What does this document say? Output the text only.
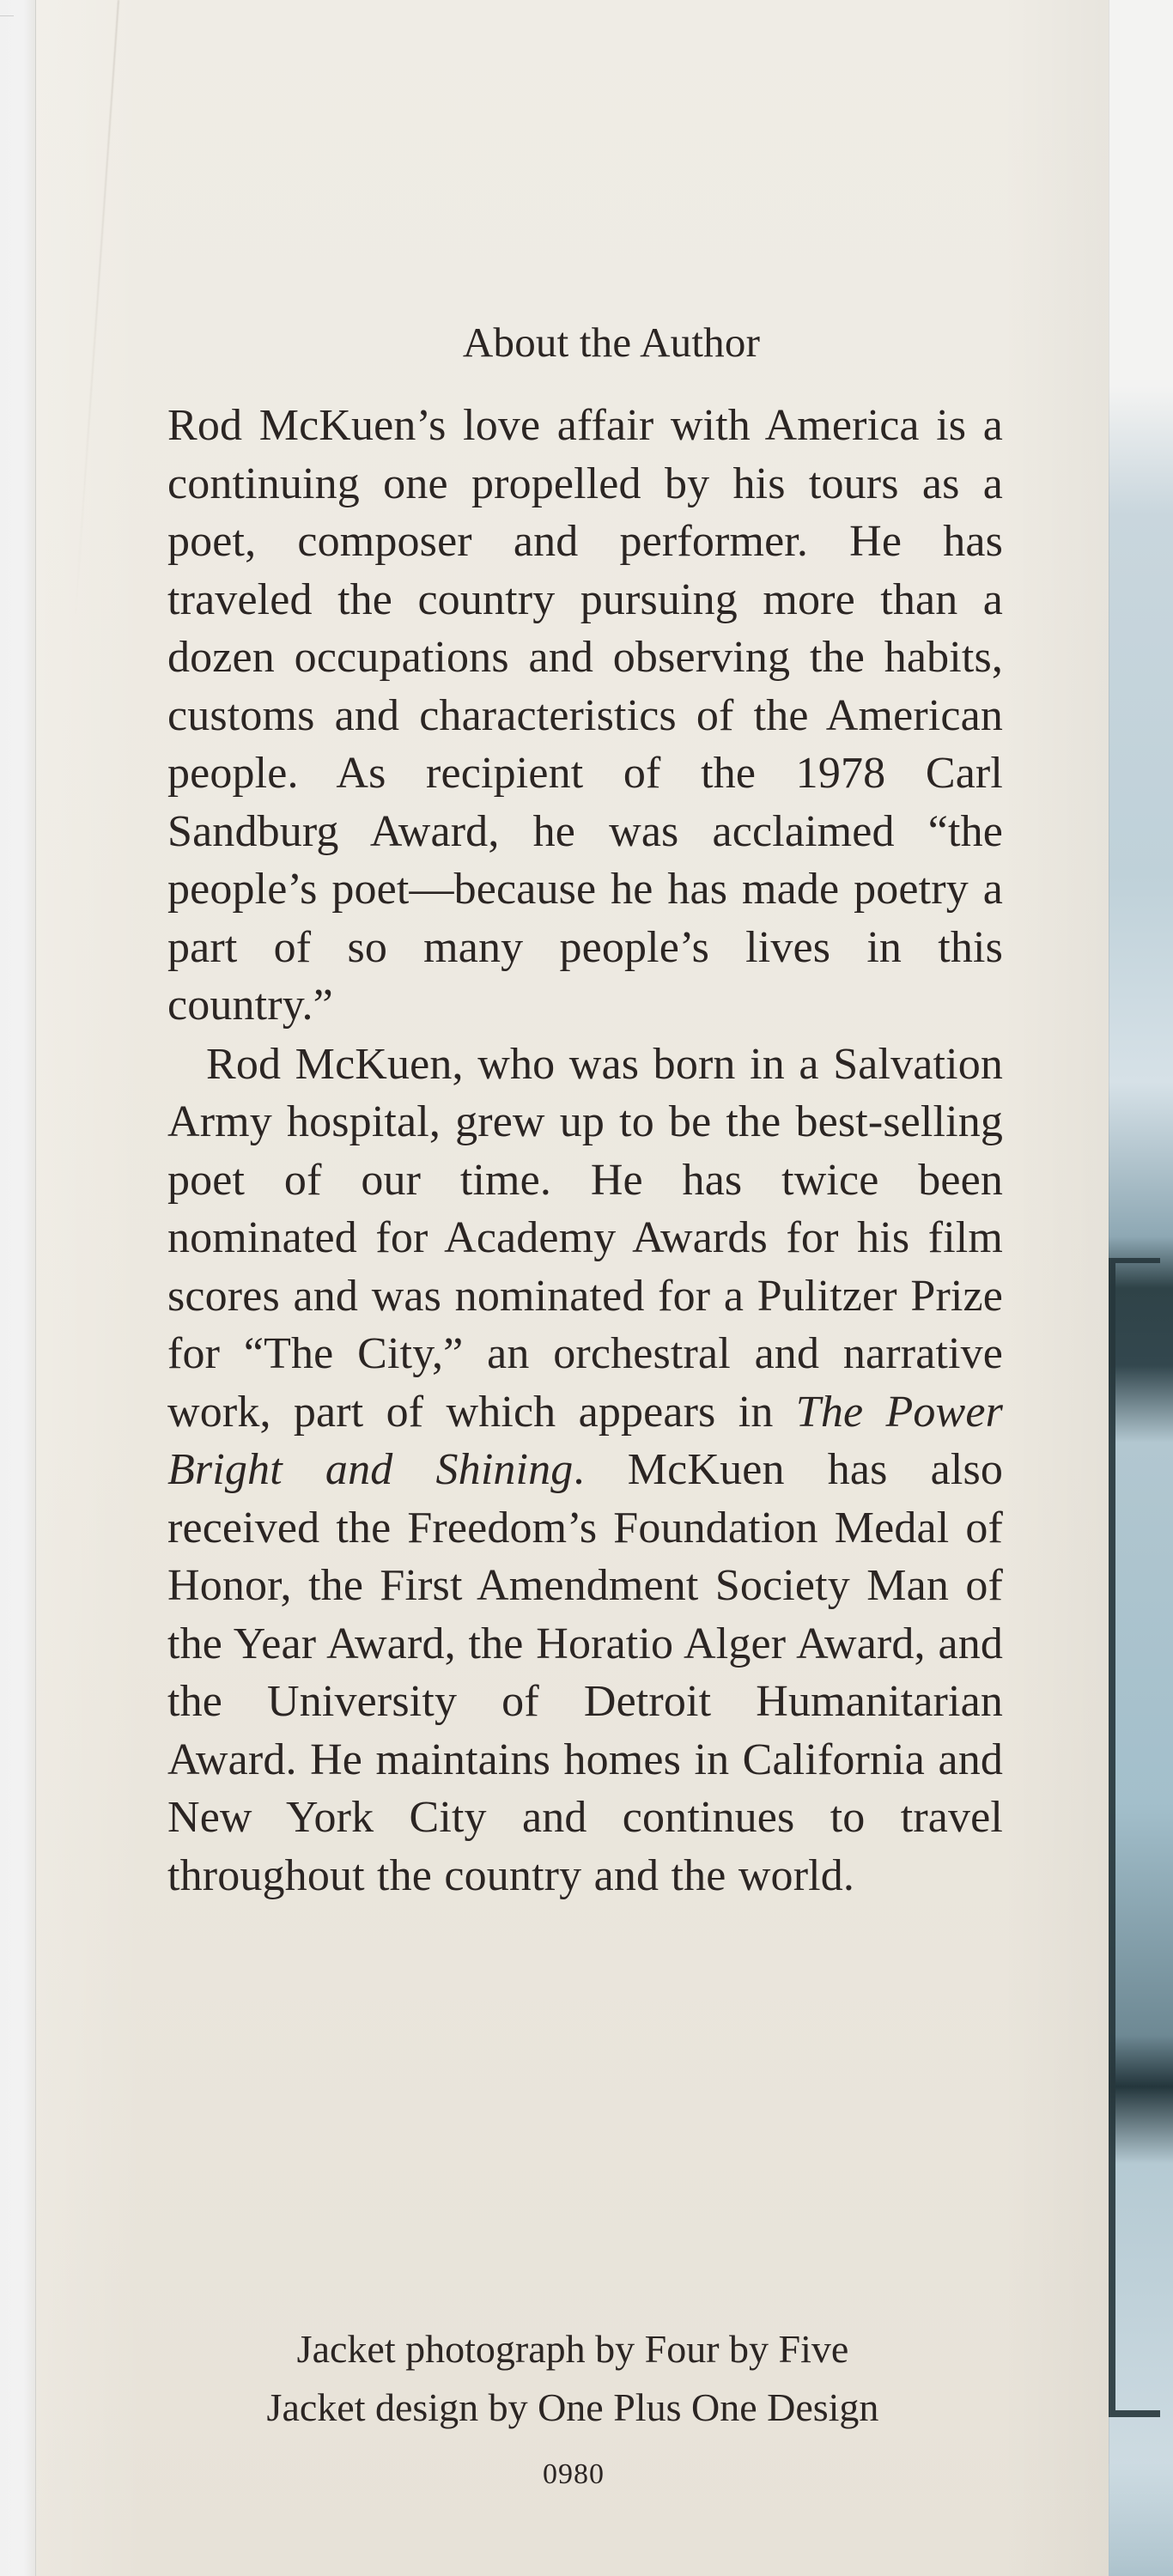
About the Author

Rod McKuen’s love affair with America is a continuing one propelled by his tours as a poet, composer and performer. He has traveled the country pursuing more than a dozen occupations and observing the habits, customs and characteristics of the American people. As recipient of the 1978 Carl Sandburg Award, he was acclaimed “the people’s poet—because he has made poetry a part of so many people’s lives in this country.”

Rod McKuen, who was born in a Salvation Army hospital, grew up to be the best-selling poet of our time. He has twice been nominated for Academy Awards for his film scores and was nominated for a Pulitzer Prize for “The City,” an orchestral and narrative work, part of which appears in The Power Bright and Shining. McKuen has also received the Freedom’s Foundation Medal of Honor, the First Amendment Society Man of the Year Award, the Horatio Alger Award, and the University of Detroit Humanitarian Award. He maintains homes in California and New York City and continues to travel throughout the country and the world.

Jacket photograph by Four by Five
Jacket design by One Plus One Design
0980
